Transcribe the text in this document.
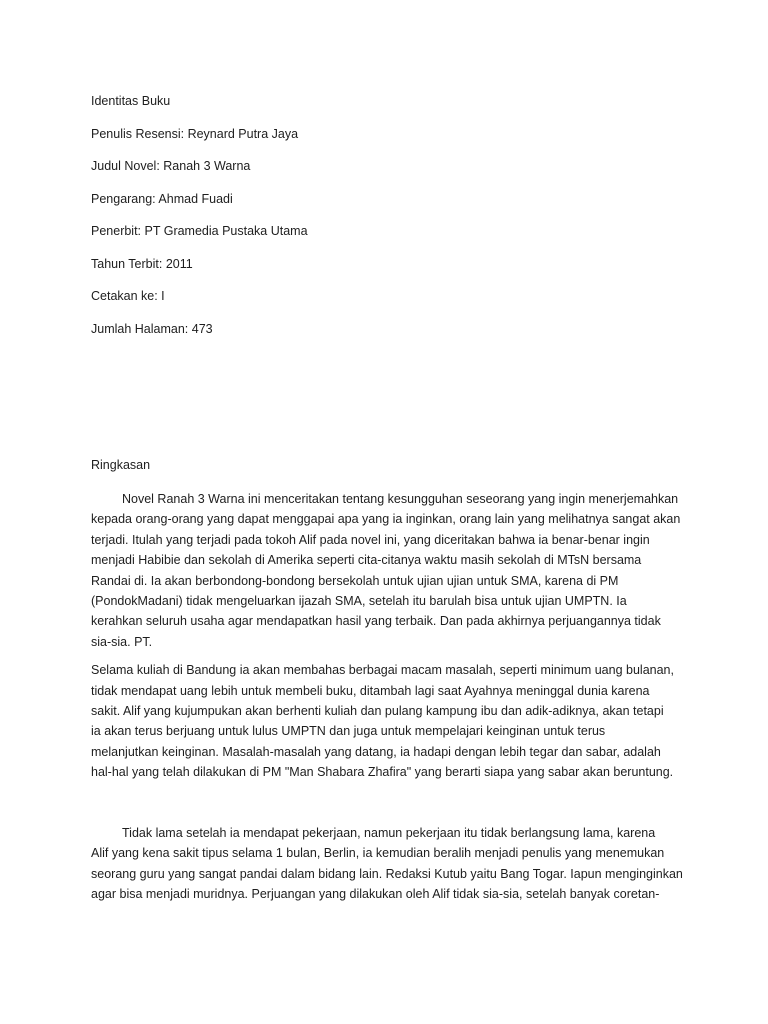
Identitas Buku
Penulis Resensi: Reynard Putra Jaya
Judul Novel: Ranah 3 Warna
Pengarang: Ahmad Fuadi
Penerbit: PT Gramedia Pustaka Utama
Tahun Terbit: 2011
Cetakan ke: I
Jumlah Halaman: 473
Ringkasan

Novel Ranah 3 Warna ini menceritakan tentang kesungguhan seseorang yang ingin menerjemahkan
kepada orang-orang yang dapat menggapai apa yang ia inginkan, orang lain yang melihatnya sangat akan
terjadi. Itulah yang terjadi pada tokoh Alif pada novel ini, yang diceritakan bahwa ia benar-benar ingin
menjadi Habibie dan sekolah di Amerika seperti cita-citanya waktu masih sekolah di MTsN bersama
Randai di. Ia akan berbondong-bondong bersekolah untuk ujian ujian untuk SMA, karena di PM
(PondokMadani) tidak mengeluarkan ijazah SMA, setelah itu barulah bisa untuk ujian UMPTN. Ia
kerahkan seluruh usaha agar mendapatkan hasil yang terbaik. Dan pada akhirnya perjuangannya tidak
sia-sia. PT.

Selama kuliah di Bandung ia akan membahas berbagai macam masalah, seperti minimum uang bulanan,
tidak mendapat uang lebih untuk membeli buku, ditambah lagi saat Ayahnya meninggal dunia karena
sakit. Alif yang kujumpukan akan berhenti kuliah dan pulang kampung ibu dan adik-adiknya, akan tetapi
ia akan terus berjuang untuk lulus UMPTN dan juga untuk mempelajari keinginan untuk terus
melanjutkan keinginan. Masalah-masalah yang datang, ia hadapi dengan lebih tegar dan sabar, adalah
hal-hal yang telah dilakukan di PM "Man Shabara Zhafira" yang berarti siapa yang sabar akan beruntung.

Tidak lama setelah ia mendapat pekerjaan, namun pekerjaan itu tidak berlangsung lama, karena
Alif yang kena sakit tipus selama 1 bulan, Berlin, ia kemudian beralih menjadi penulis yang menemukan
seorang guru yang sangat pandai dalam bidang lain. Redaksi Kutub yaitu Bang Togar. Iapun menginginkan
agar bisa menjadi muridnya. Perjuangan yang dilakukan oleh Alif tidak sia-sia, setelah banyak coretan-
